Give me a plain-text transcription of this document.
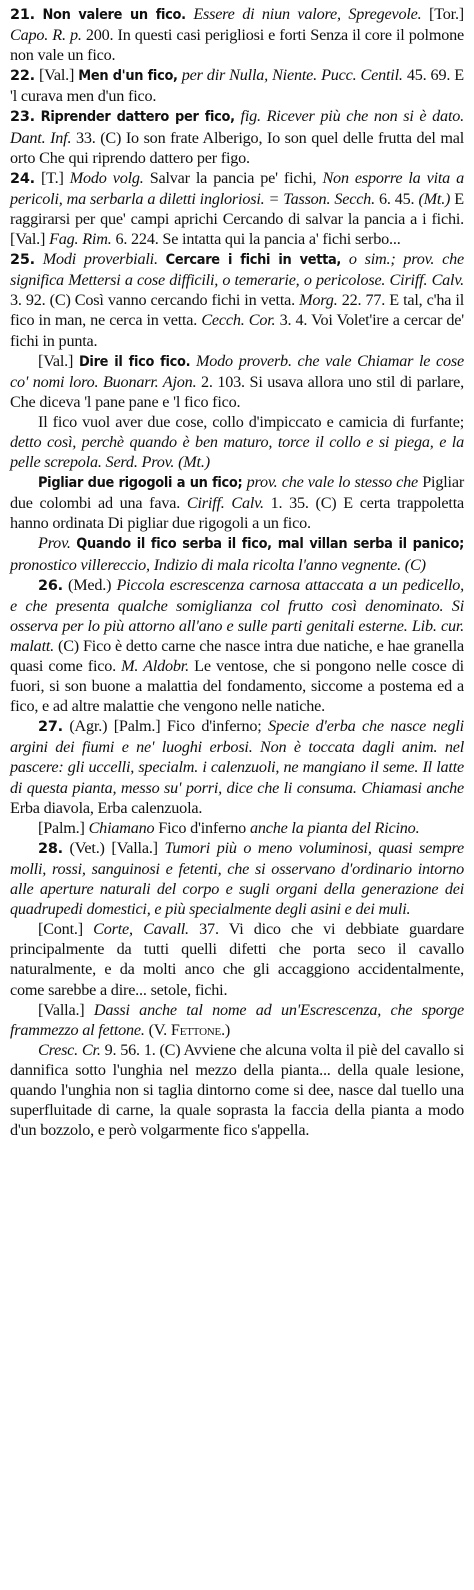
21. Non valere un fico. Essere di niun valore, Spregevole. [Tor.] Capo. R. p. 200. In questi casi perigliosi e forti Senza il core il polmone non vale un fico.

22. [Val.] Men d'un fico, per dir Nulla, Niente. Pucc. Centil. 45. 69. E 'l curava men d'un fico.

23. Riprender dattero per fico, fig. Ricever più che non si è dato. Dant. Inf. 33. (C) Io son frate Alberigo, Io son quel delle frutta del mal orto Che qui riprendo dattero per figo.

24. [T.] Modo volg. Salvar la pancia pe' fichi, Non esporre la vita a pericoli, ma serbarla a diletti ingloriosi. = Tasson. Secch. 6. 45. (Mt.) E raggirarsi per que' campi aprichi Cercando di salvar la pancia a i fichi. [Val.] Fag. Rim. 6. 224. Se intatta qui la pancia a' fichi serbo...

25. Modi proverbiali. Cercare i fichi in vetta, o sim.; prov. che significa Mettersi a cose difficili, o temerarie, o pericolose. Ciriff. Calv. 3. 92. (C) Così vanno cercando fichi in vetta. Morg. 22. 77. E tal, c'ha il fico in man, ne cerca in vetta. Cecch. Cor. 3. 4. Voi Volet'ire a cercar de' fichi in punta.

[Val.] Dire il fico fico. Modo proverb. che vale Chiamar le cose co' nomi loro. Buonarr. Ajon. 2. 103. Si usava allora uno stil di parlare, Che diceva 'l pane pane e 'l fico fico.

Il fico vuol aver due cose, collo d'impiccato e camicia di furfante; detto così, perchè quando è ben maturo, torce il collo e si piega, e la pelle screpola. Serd. Prov. (Mt.)

Pigliar due rigogoli a un fico; prov. che vale lo stesso che Pigliar due colombi ad una fava. Ciriff. Calv. 1. 35. (C) E certa trappoletta hanno ordinata Di pigliar due rigogoli a un fico.

Prov. Quando il fico serba il fico, mal villan serba il panico; pronostico villereccio, Indizio di mala ricolta l'anno vegnente. (C)

26. (Med.) Piccola escrescenza carnosa attaccata a un pedicello, e che presenta qualche somiglianza col frutto così denominato. Si osserva per lo più attorno all'ano e sulle parti genitali esterne. Lib. cur. malatt. (C) Fico è detto carne che nasce intra due natiche, e hae granella quasi come fico. M. Aldobr. Le ventose, che si pongono nelle cosce di fuori, si son buone a malattia del fondamento, siccome a postema ed a fico, e ad altre malattie che vengono nelle natiche.

27. (Agr.) [Palm.] Fico d'inferno; Specie d'erba che nasce negli argini dei fiumi e ne' luoghi erbosi. Non è toccata dagli anim. nel pascere: gli uccelli, specialm. i calenzuoli, ne mangiano il seme. Il latte di questa pianta, messo su' porri, dice che li consuma. Chiamasi anche Erba diavola, Erba calenzuola.

[Palm.] Chiamano Fico d'inferno anche la pianta del Ricino.

28. (Vet.) [Valla.] Tumori più o meno voluminosi, quasi sempre molli, rossi, sanguinosi e fetenti, che si osservano d'ordinario intorno alle aperture naturali del corpo e sugli organi della generazione dei quadrupedi domestici, e più specialmente degli asini e dei muli.

[Cont.] Corte, Cavall. 37. Vi dico che vi debbiate guardare principalmente da tutti quelli difetti che porta seco il cavallo naturalmente, e da molti anco che gli accaggiono accidentalmente, come sarebbe a dire... setole, fichi.

[Valla.] Dassi anche tal nome ad un'Escrescenza, che sporge frammezzo al fettone. (V. Fettone.)

Cresc. Cr. 9. 56. 1. (C) Avviene che alcuna volta il piè del cavallo si dannifica sotto l'unghia nel mezzo della pianta... della quale lesione, quando l'unghia non si taglia dintorno come si dee, nasce dal tuello una superfluitade di carne, la quale soprasta la faccia della pianta a modo d'un bozzolo, e però volgarmente fico s'appella.
